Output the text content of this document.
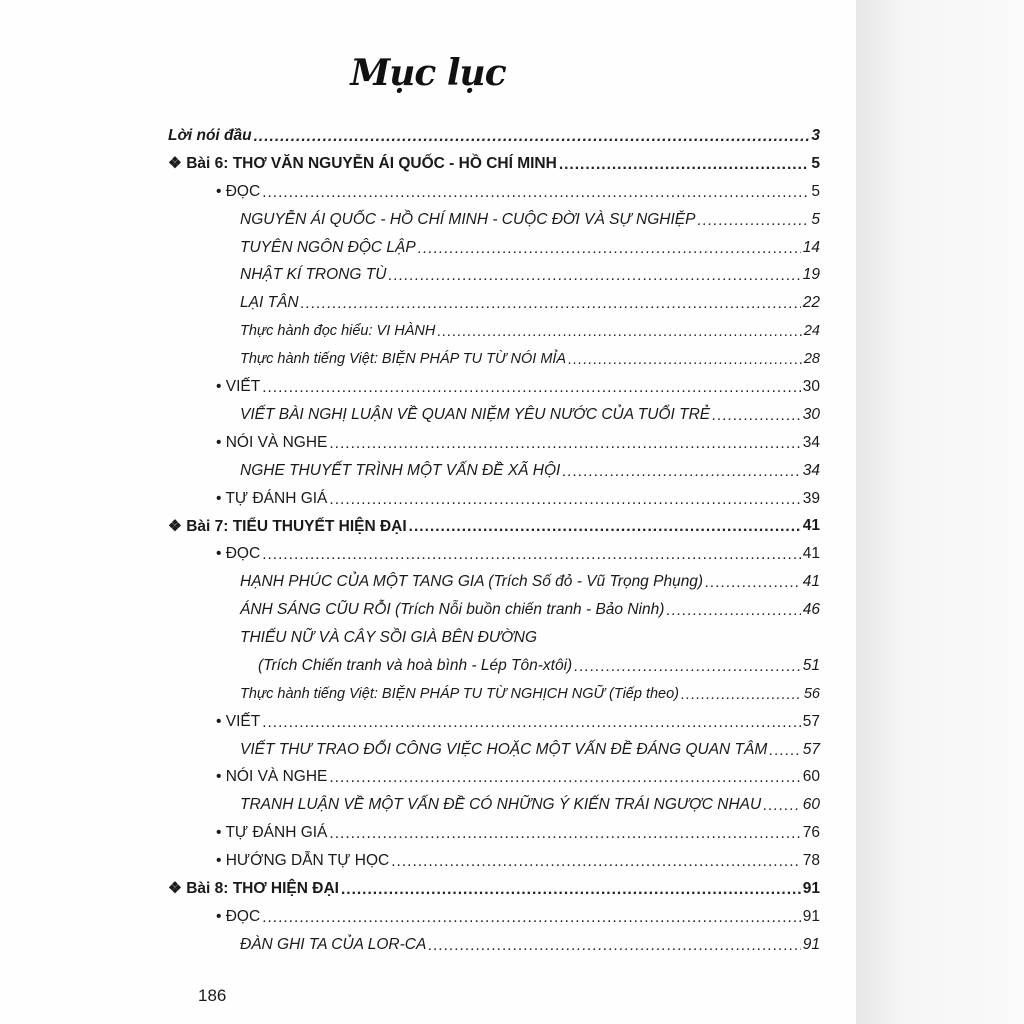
Mục lục
Lời nói đầu .....	3
❖ Bài 6: THƠ VĂN NGUYỄN ÁI QUỐC - HỒ CHÍ MINH .....	5
• ĐỌC .....	5
NGUYỄN ÁI QUỐC - HỒ CHÍ MINH - CUỘC ĐỜI VÀ SỰ NGHIỆP .....	5
TUYÊN NGÔN ĐỘC LẬP .....	14
NHẬT KÍ TRONG TÙ .....	19
LẠI TÂN .....	22
Thực hành đọc hiểu: VI HÀNH .....	24
Thực hành tiếng Việt: BIỆN PHÁP TU TỪ NÓI MỈA .....	28
• VIẾT .....	30
VIẾT BÀI NGHỊ LUẬN VỀ QUAN NIỆM YÊU NƯỚC CỦA TUỔI TRẺ .....	30
• NÓI VÀ NGHE .....	34
NGHE THUYẾT TRÌNH MỘT VẤN ĐỀ XÃ HỘI .....	34
• TỰ ĐÁNH GIÁ .....	39
❖ Bài 7: TIỂU THUYẾT HIỆN ĐẠI .....	41
• ĐỌC .....	41
HẠNH PHÚC CỦA MỘT TANG GIA (Trích Số đỏ - Vũ Trọng Phụng) .....	41
ÁNH SÁNG CŨU RỖI (Trích Nỗi buồn chiến tranh - Bảo Ninh) .....	46
THIẾU NỮ VÀ CÂY SỒI GIÀ BÊN ĐƯỜNG
(Trích Chiến tranh và hoà bình - Lép Tôn-xtôi) .....	51
Thực hành tiếng Việt: BIỆN PHÁP TU TỪ NGHỊCH NGỮ (Tiếp theo) .....	56
• VIẾT .....	57
VIẾT THƯ TRAO ĐỔI CÔNG VIỆC HOẶC MỘT VẤN ĐỀ ĐÁNG QUAN TÂM ..... 57
• NÓI VÀ NGHE .....	60
TRANH LUẬN VỀ MỘT VẤN ĐỀ CÓ NHỮNG Ý KIẾN TRÁI NGƯỢC NHAU .....	60
• TỰ ĐÁNH GIÁ .....	76
• HƯỚNG DẪN TỰ HỌC .....	78
❖ Bài 8: THƠ HIỆN ĐẠI .....	91
• ĐỌC .....	91
ĐÀN GHI TA CỦA LOR-CA .....	91
186
